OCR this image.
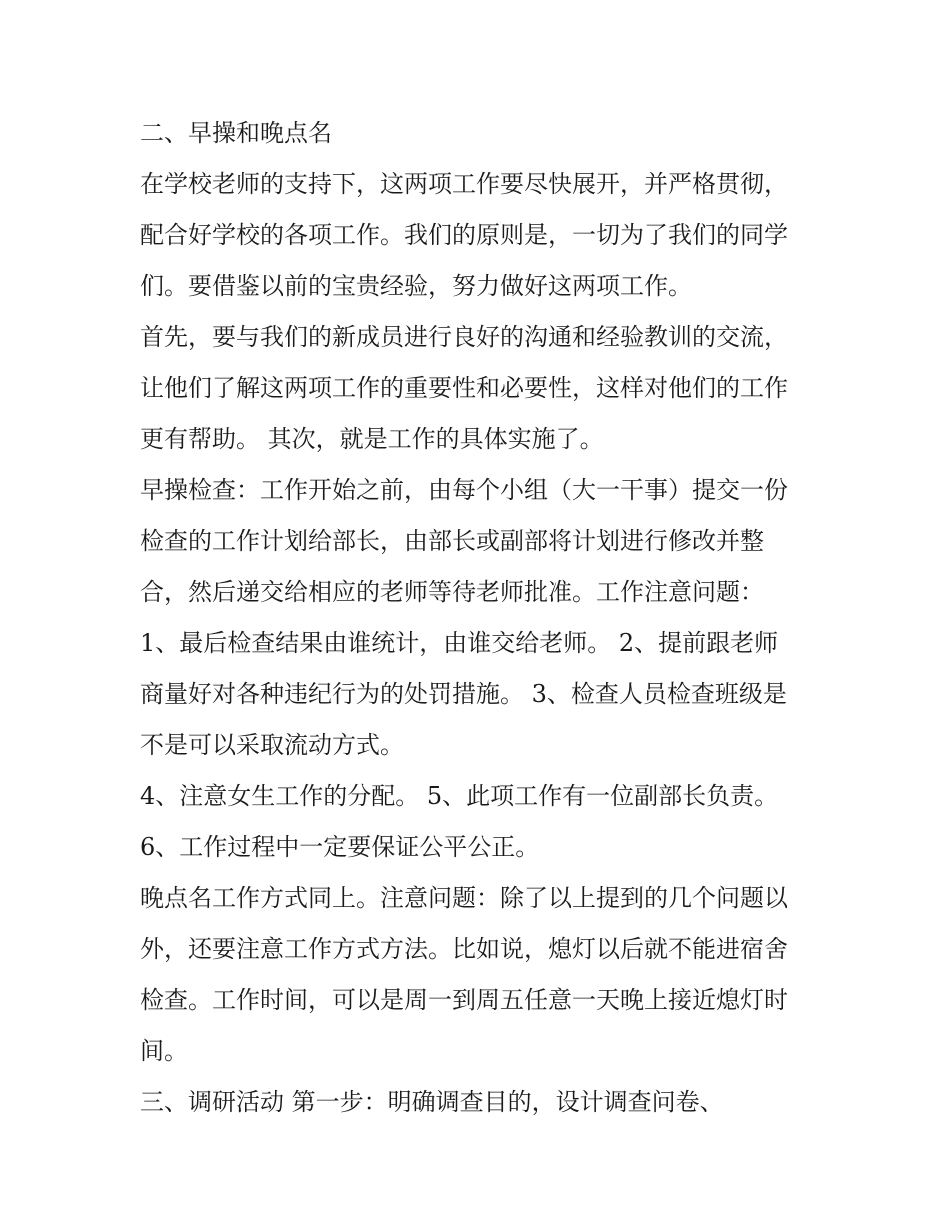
二、早操和晚点名
在学校老师的支持下，这两项工作要尽快展开，并严格贯彻，
配合好学校的各项工作。我们的原则是，一切为了我们的同学
们。要借鉴以前的宝贵经验，努力做好这两项工作。
首先，要与我们的新成员进行良好的沟通和经验教训的交流，
让他们了解这两项工作的重要性和必要性，这样对他们的工作
更有帮助。 其次，就是工作的具体实施了。
早操检查：工作开始之前，由每个小组（大一干事）提交一份
检查的工作计划给部长，由部长或副部将计划进行修改并整
合，然后递交给相应的老师等待老师批准。工作注意问题：
1、最后检查结果由谁统计，由谁交给老师。 2、提前跟老师
商量好对各种违纪行为的处罚措施。 3、检查人员检查班级是
不是可以采取流动方式。
4、注意女生工作的分配。 5、此项工作有一位副部长负责。
6、工作过程中一定要保证公平公正。
晚点名工作方式同上。注意问题：除了以上提到的几个问题以
外，还要注意工作方式方法。比如说，熄灯以后就不能进宿舍
检查。工作时间，可以是周一到周五任意一天晚上接近熄灯时
间。
三、调研活动 第一步：明确调查目的，设计调查问卷、
